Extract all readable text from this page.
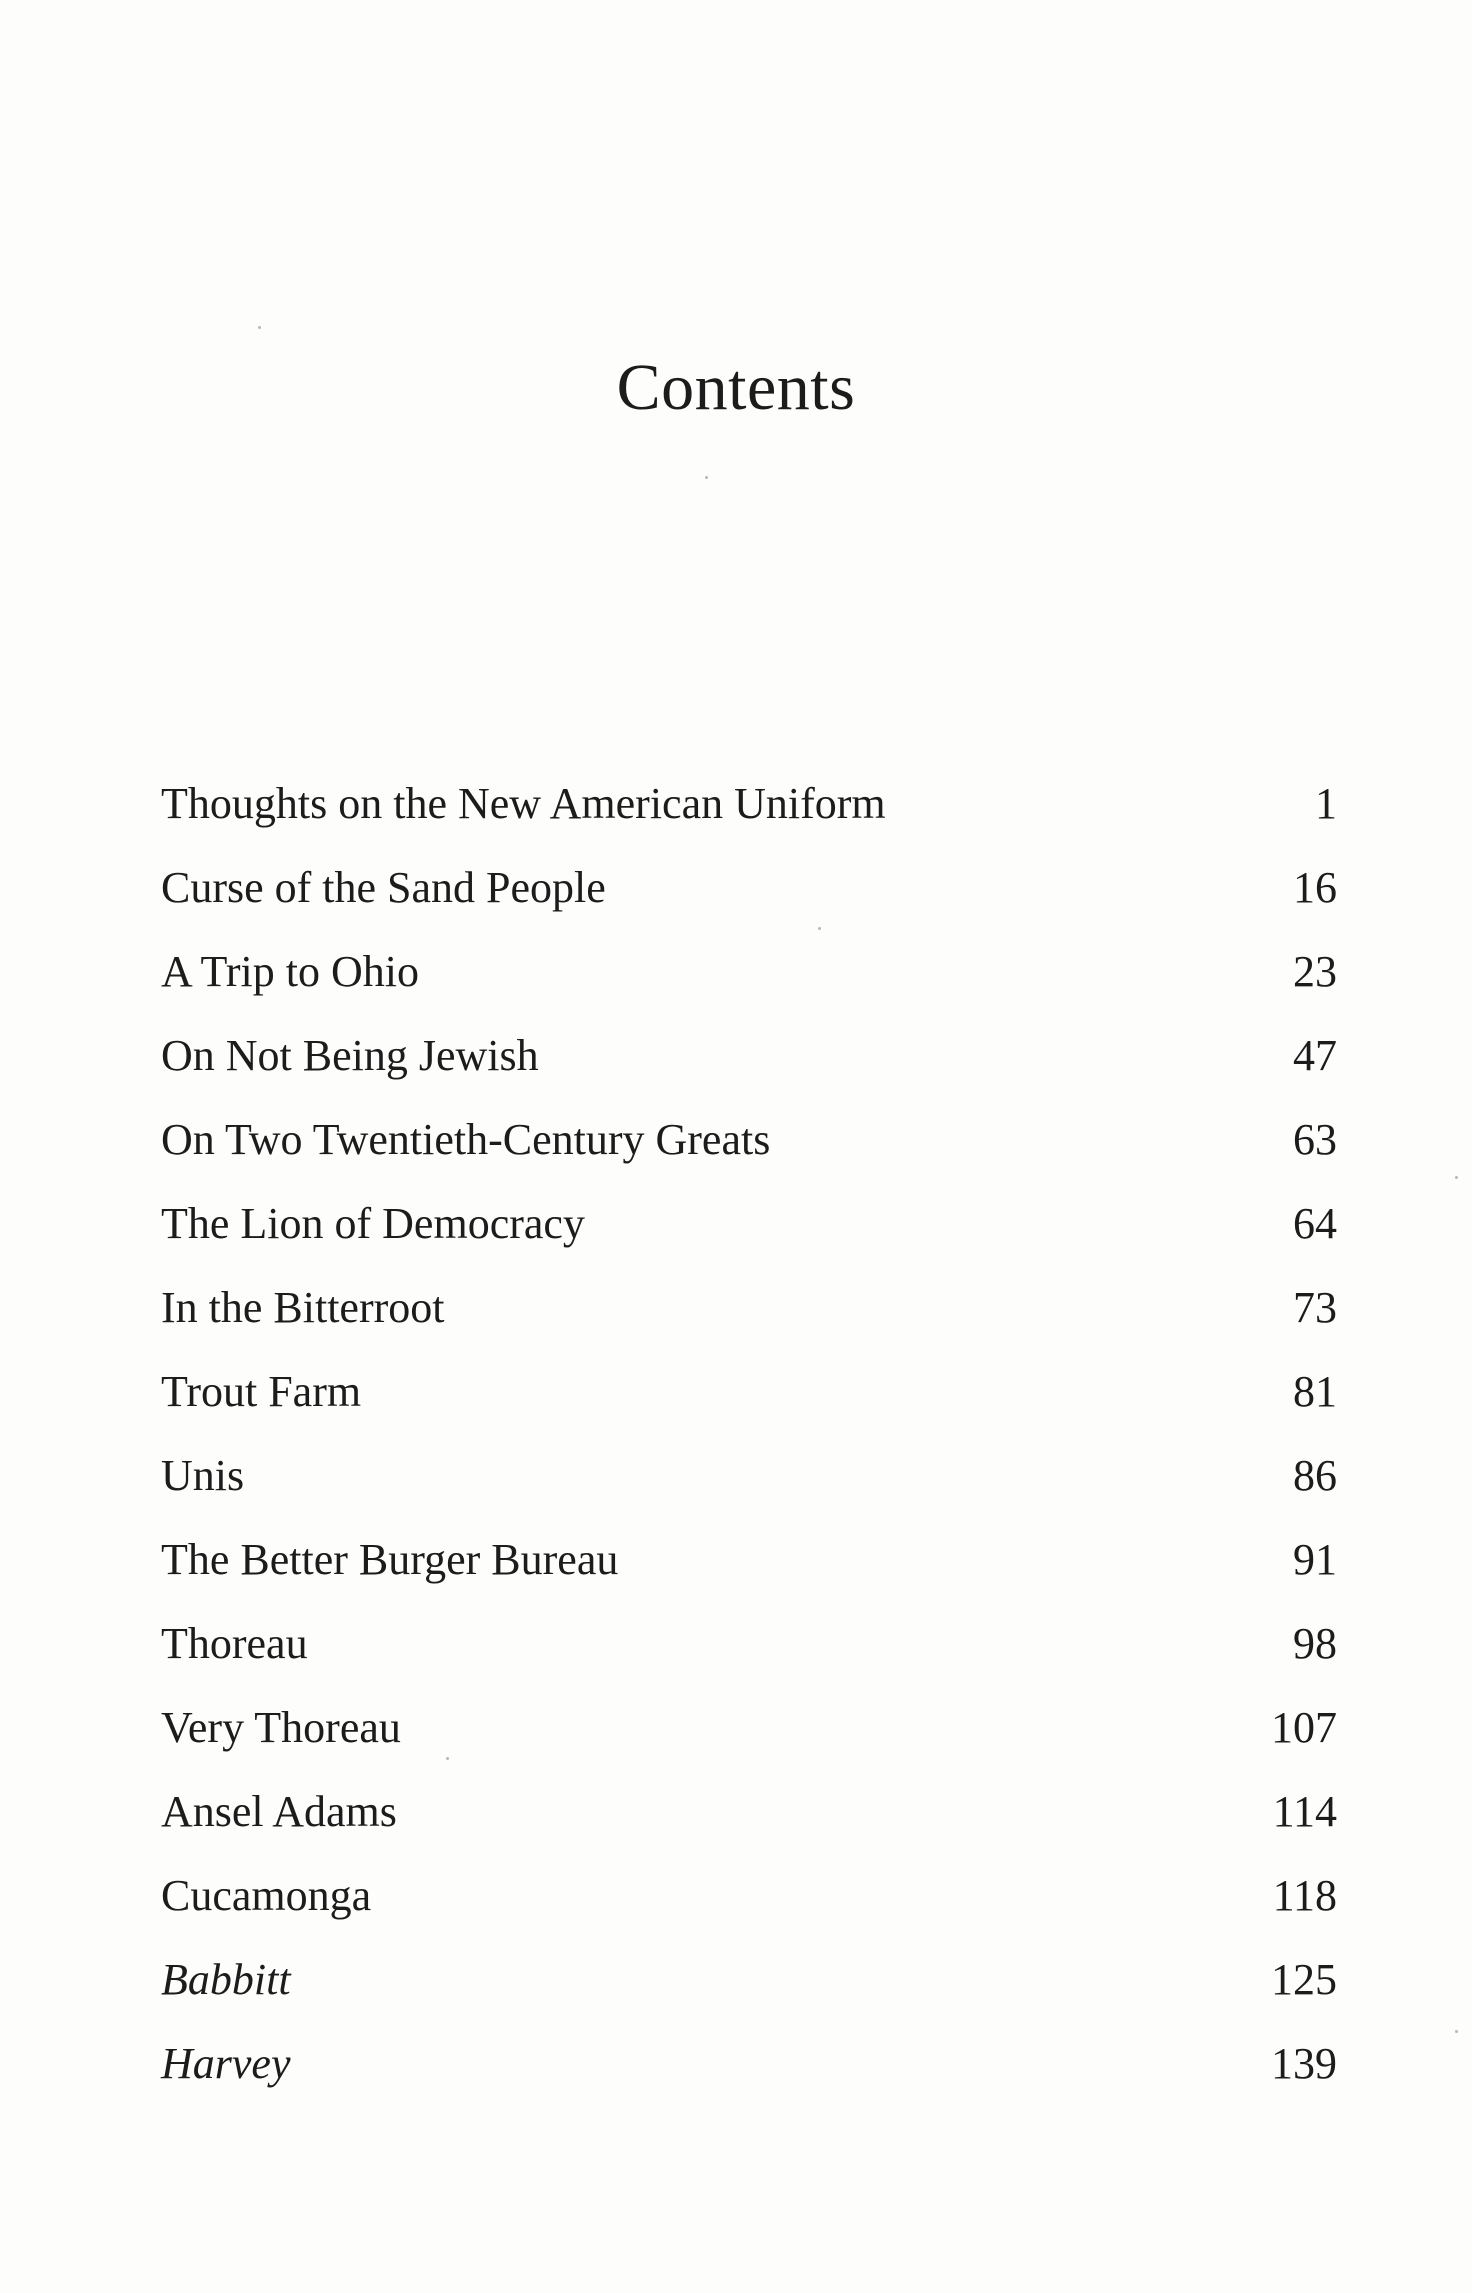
Contents
Thoughts on the New American Uniform	1
Curse of the Sand People	16
A Trip to Ohio	23
On Not Being Jewish	47
On Two Twentieth-Century Greats	63
The Lion of Democracy	64
In the Bitterroot	73
Trout Farm	81
Unis	86
The Better Burger Bureau	91
Thoreau	98
Very Thoreau	107
Ansel Adams	114
Cucamonga	118
Babbitt	125
Harvey	139
